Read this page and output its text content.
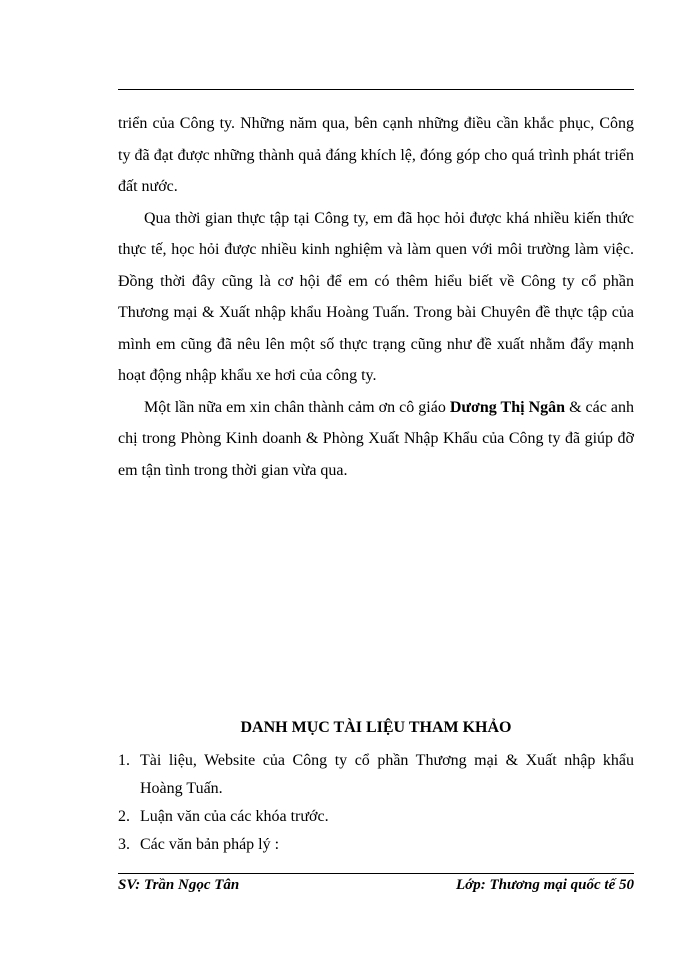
triển của Công ty. Những năm qua, bên cạnh những điều cần khắc phục, Công ty đã đạt được những thành quả đáng khích lệ, đóng góp cho quá trình phát triển đất nước.

Qua thời gian thực tập tại Công ty, em đã học hỏi được khá nhiều kiến thức thực tế, học hỏi được nhiều kinh nghiệm và làm quen với môi trường làm việc. Đồng thời đây cũng là cơ hội để em có thêm hiểu biết về Công ty cổ phần Thương mại & Xuất nhập khẩu Hoàng Tuấn. Trong bài Chuyên đề thực tập của mình em cũng đã nêu lên một số thực trạng cũng như đề xuất nhằm đẩy mạnh hoạt động nhập khẩu xe hơi của công ty.

Một lần nữa em xin chân thành cảm ơn cô giáo Dương Thị Ngân & các anh chị trong Phòng Kinh doanh & Phòng Xuất Nhập Khẩu của Công ty đã giúp đỡ em tận tình trong thời gian vừa qua.

DANH MỤC TÀI LIỆU THAM KHẢO
1. Tài liệu, Website của Công ty cổ phần Thương mại & Xuất nhập khẩu Hoàng Tuấn.
2. Luận văn của các khóa trước.
3. Các văn bản pháp lý :
SV: Trần Ngọc Tân	Lớp: Thương mại quốc tế 50
